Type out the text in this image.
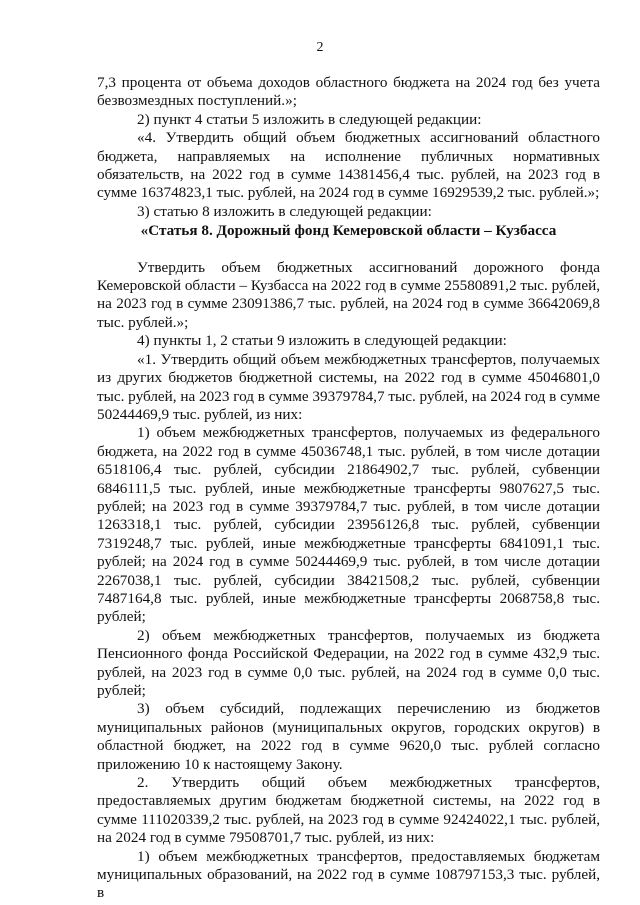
2

7,3 процента от объема доходов областного бюджета на 2024 год без учета безвозмездных поступлений.»;

2) пункт 4 статьи 5 изложить в следующей редакции:

«4. Утвердить общий объем бюджетных ассигнований областного бюджета, направляемых на исполнение публичных нормативных обязательств, на 2022 год в сумме 14381456,4 тыс. рублей, на 2023 год в сумме 16374823,1 тыс. рублей, на 2024 год в сумме 16929539,2 тыс. рублей.»;

3) статью 8 изложить в следующей редакции:

«Статья 8. Дорожный фонд Кемеровской области – Кузбасса

Утвердить объем бюджетных ассигнований дорожного фонда Кемеровской области – Кузбасса на 2022 год в сумме 25580891,2 тыс. рублей, на 2023 год в сумме 23091386,7 тыс. рублей, на 2024 год в сумме 36642069,8 тыс. рублей.»;

4) пункты 1, 2 статьи 9 изложить в следующей редакции:

«1. Утвердить общий объем межбюджетных трансфертов, получаемых из других бюджетов бюджетной системы, на 2022 год в сумме 45046801,0 тыс. рублей, на 2023 год в сумме 39379784,7 тыс. рублей, на 2024 год в сумме 50244469,9 тыс. рублей, из них:

1) объем межбюджетных трансфертов, получаемых из федерального бюджета, на 2022 год в сумме 45036748,1 тыс. рублей, в том числе дотации 6518106,4 тыс. рублей, субсидии 21864902,7 тыс. рублей, субвенции 6846111,5 тыс. рублей, иные межбюджетные трансферты 9807627,5 тыс. рублей; на 2023 год в сумме 39379784,7 тыс. рублей, в том числе дотации 1263318,1 тыс. рублей, субсидии 23956126,8 тыс. рублей, субвенции 7319248,7 тыс. рублей, иные межбюджетные трансферты 6841091,1 тыс. рублей; на 2024 год в сумме 50244469,9 тыс. рублей, в том числе дотации 2267038,1 тыс. рублей, субсидии 38421508,2 тыс. рублей, субвенции 7487164,8 тыс. рублей, иные межбюджетные трансферты 2068758,8 тыс. рублей;

2) объем межбюджетных трансфертов, получаемых из бюджета Пенсионного фонда Российской Федерации, на 2022 год в сумме 432,9 тыс. рублей, на 2023 год в сумме 0,0 тыс. рублей, на 2024 год в сумме 0,0 тыс. рублей;

3) объем субсидий, подлежащих перечислению из бюджетов муниципальных районов (муниципальных округов, городских округов) в областной бюджет, на 2022 год в сумме 9620,0 тыс. рублей согласно приложению 10 к настоящему Закону.

2. Утвердить общий объем межбюджетных трансфертов, предоставляемых другим бюджетам бюджетной системы, на 2022 год в сумме 111020339,2 тыс. рублей, на 2023 год в сумме 92424022,1 тыс. рублей, на 2024 год в сумме 79508701,7 тыс. рублей, из них:

1) объем межбюджетных трансфертов, предоставляемых бюджетам муниципальных образований, на 2022 год в сумме 108797153,3 тыс. рублей, в
